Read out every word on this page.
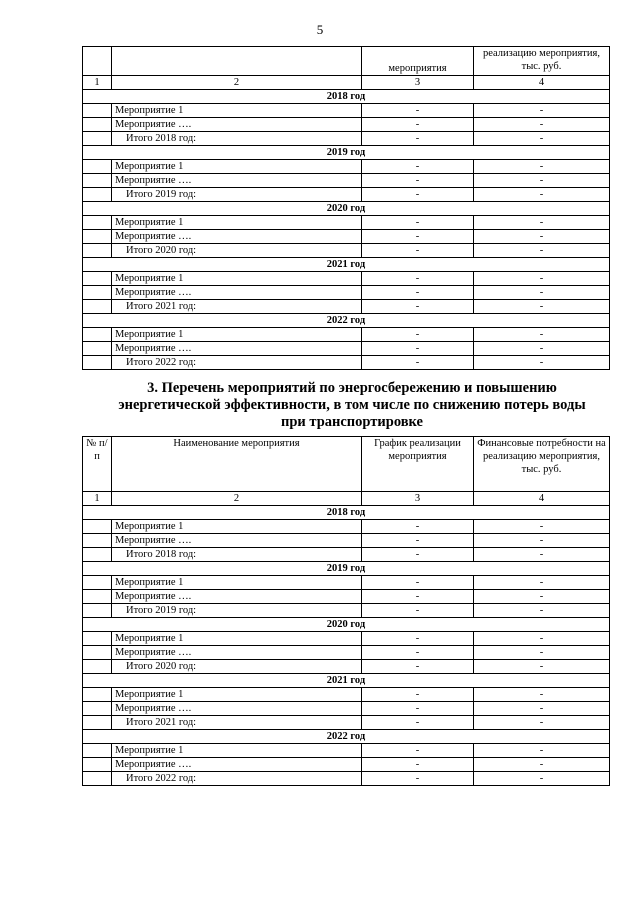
5
		мероприятия	реализацию мероприятия, тыс. руб.
1	2	3	4
2018 год			
	Мероприятие 1	-	-
	Мероприятие ….	-	-
	Итого 2018 год:	-	-
2019 год			
	Мероприятие 1	-	-
	Мероприятие ….	-	-
	Итого 2019 год:	-	-
2020 год			
	Мероприятие 1	-	-
	Мероприятие ….	-	-
	Итого 2020 год:	-	-
2021 год			
	Мероприятие 1	-	-
	Мероприятие ….	-	-
	Итого 2021 год:	-	-
2022 год			
	Мероприятие 1	-	-
	Мероприятие ….	-	-
	Итого 2022 год:	-	-
3. Перечень мероприятий по энергосбережению и повышению
энергетической эффективности, в том числе по снижению потерь воды
при транспортировке
№ п/п	Наименование мероприятия	График реализации мероприятия	Финансовые потребности на реализацию мероприятия, тыс. руб.
1	2	3	4
2018 год			
	Мероприятие 1	-	-
	Мероприятие ….	-	-
	Итого 2018 год:	-	-
2019 год			
	Мероприятие 1	-	-
	Мероприятие ….	-	-
	Итого 2019 год:	-	-
2020 год			
	Мероприятие 1	-	-
	Мероприятие ….	-	-
	Итого 2020 год:	-	-
2021 год			
	Мероприятие 1	-	-
	Мероприятие ….	-	-
	Итого 2021 год:	-	-
2022 год			
	Мероприятие 1	-	-
	Мероприятие ….	-	-
	Итого 2022 год:	-	-
